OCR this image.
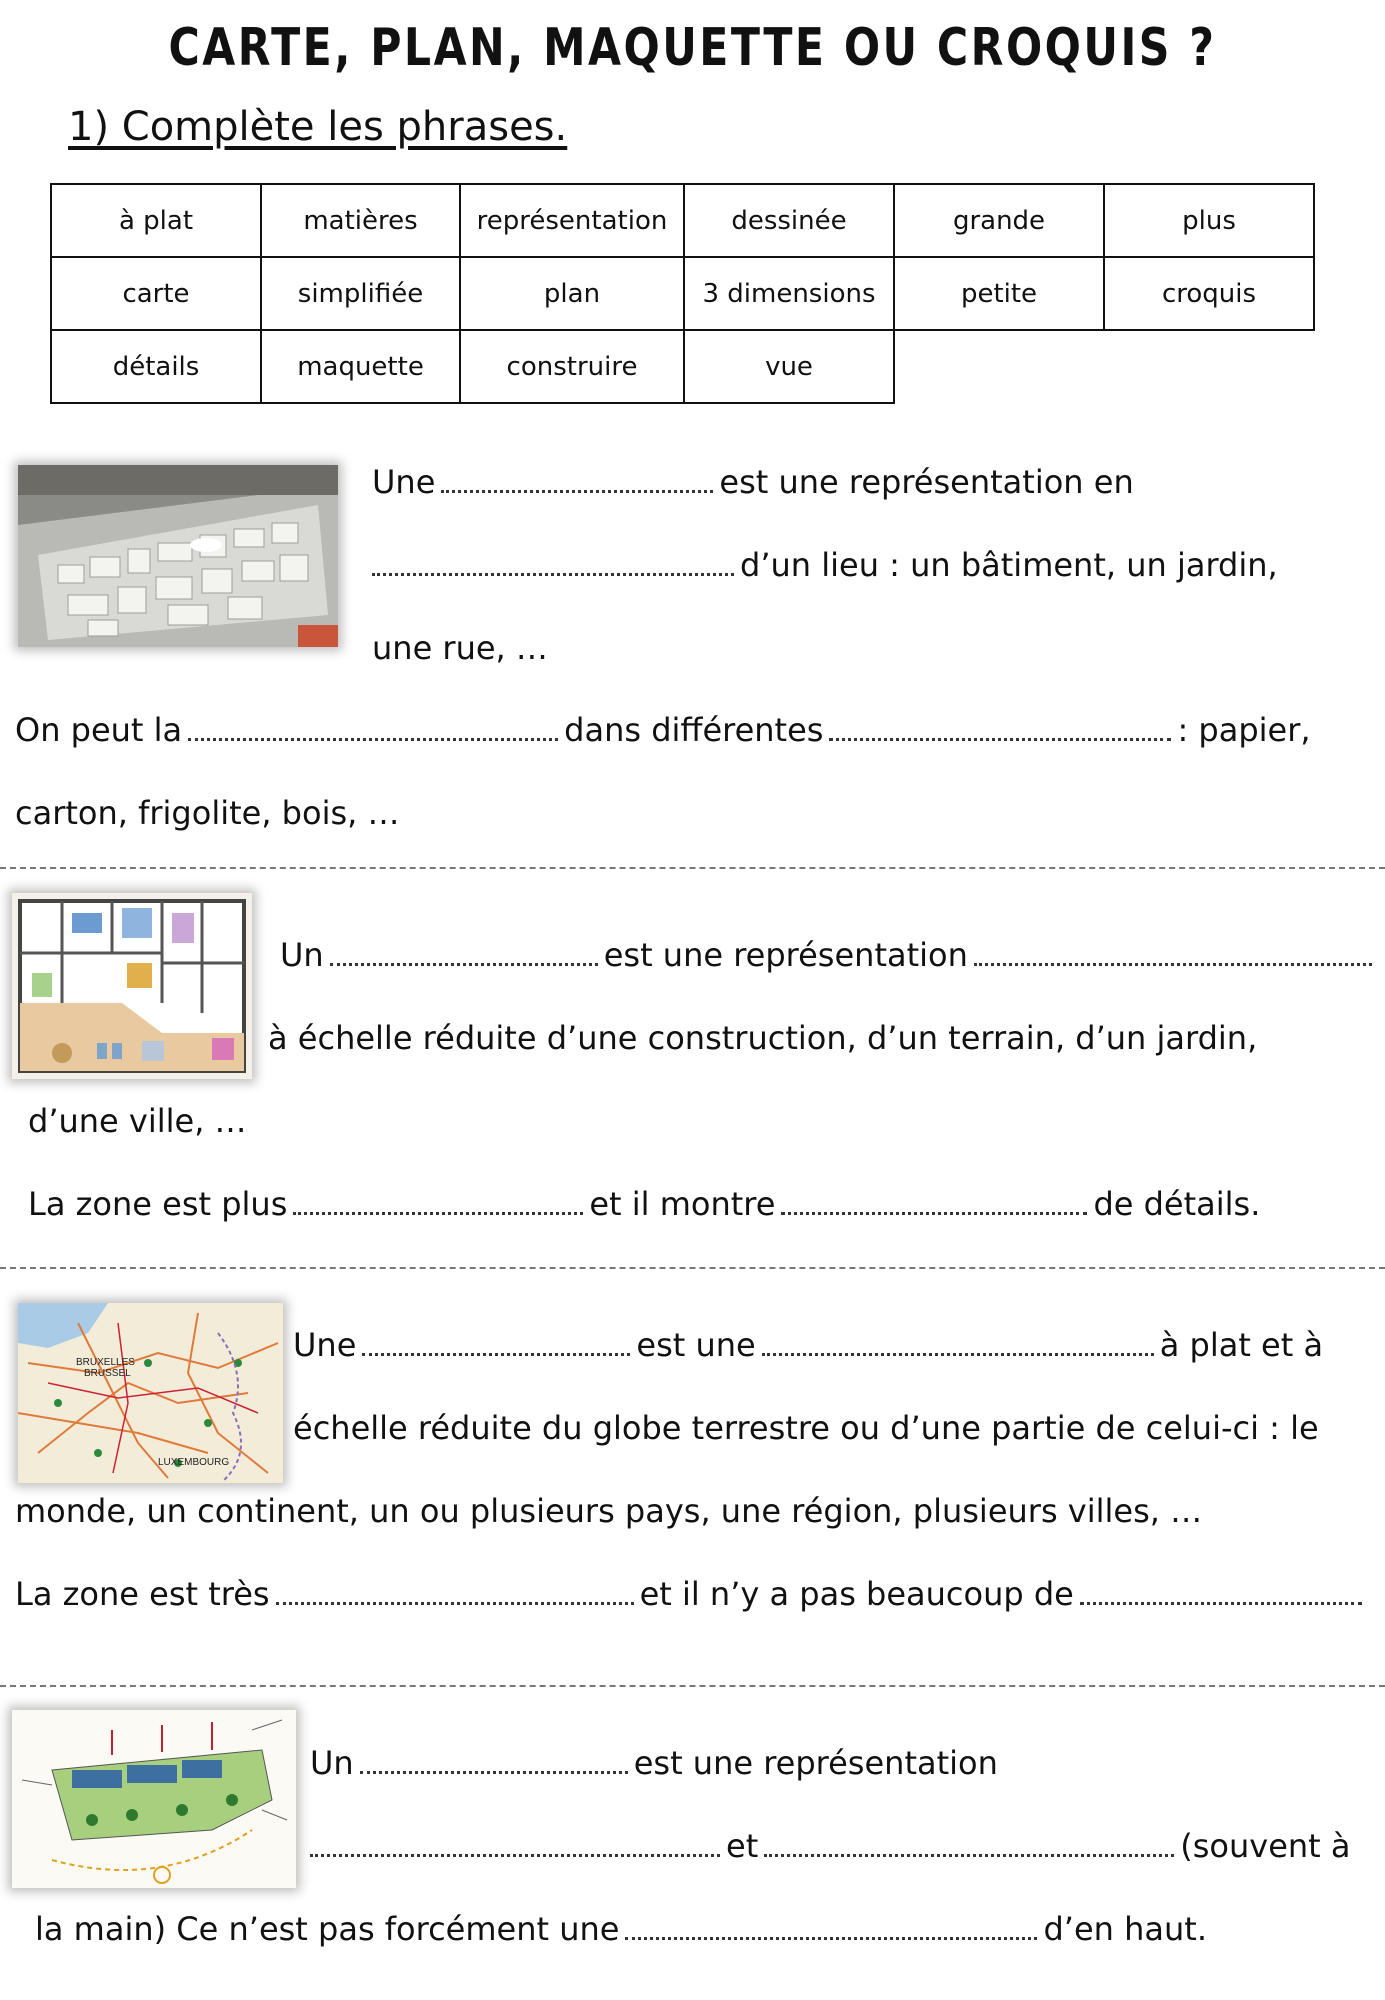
CARTE, PLAN, MAQUETTE OU CROQUIS ?
1) Complète les phrases.
à plat	matières	représentation	dessinée	grande	plus
carte	simplifiée	plan	3 dimensions	petite	croquis
détails	maquette	construire	vue		
Une	est une représentation en
d’un lieu : un bâtiment, un jardin,
une rue, …
On peut la	dans différentes	: papier,
carton, frigolite, bois, …
Un	est une représentation
à échelle réduite d’une construction, d’un terrain, d’un jardin,
d’une ville, …
La zone est plus	et il montre	de détails.
BRUXELLES
BRUSSEL
LUXEMBOURG
Une	est une	à plat et à
échelle réduite du globe terrestre ou d’une partie de celui-ci : le
monde, un continent, un ou plusieurs pays, une région, plusieurs villes, …
La zone est très	et il n’y a pas beaucoup de
Un	est une représentation
et	(souvent à
la main) Ce n’est pas forcément une	d’en haut.
